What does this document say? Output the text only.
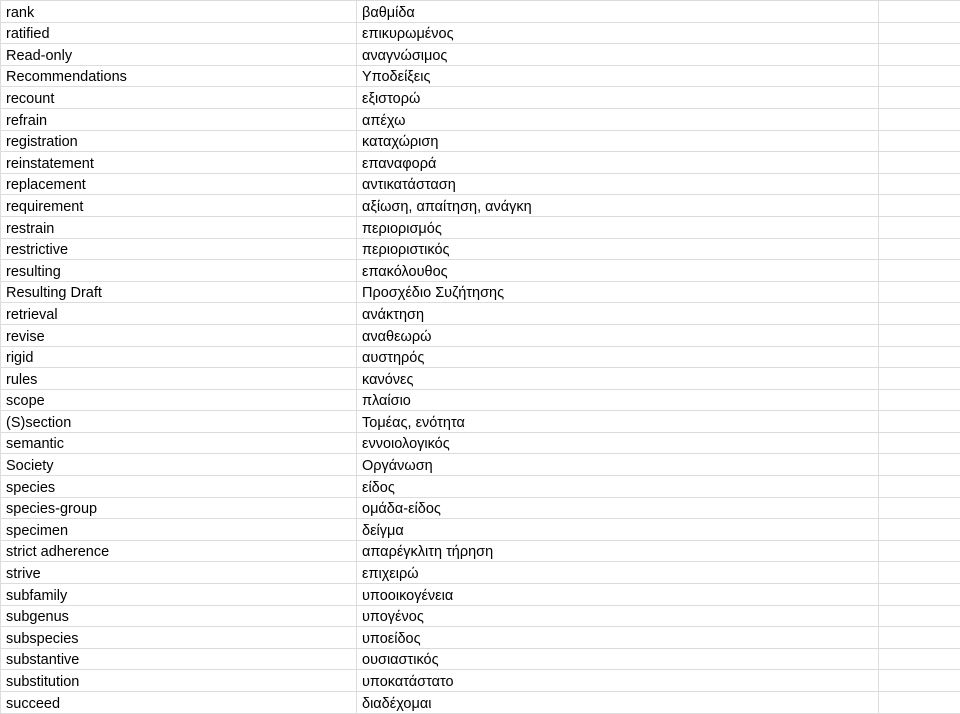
rank	βαθμίδα	
ratified	επικυρωμένος	
Read-only	αναγνώσιμος	
Recommendations	Υποδείξεις	
recount	εξιστορώ	
refrain	απέχω	
registration	καταχώριση	
reinstatement	επαναφορά	
replacement	αντικατάσταση	
requirement	αξίωση, απαίτηση, ανάγκη	
restrain	περιορισμός	
restrictive	περιοριστικός	
resulting	επακόλουθος	
Resulting Draft	Προσχέδιο Συζήτησης	
retrieval	ανάκτηση	
revise	αναθεωρώ	
rigid	αυστηρός	
rules	κανόνες	
scope	πλαίσιο	
(S)section	Τομέας, ενότητα	
semantic	εννοιολογικός	
Society	Οργάνωση	
species	είδος	
species-group	ομάδα-είδος	
specimen	δείγμα	
strict adherence	απαρέγκλιτη τήρηση	
strive	επιχειρώ	
subfamily	υποοικογένεια	
subgenus	υπογένος	
subspecies	υποείδος	
substantive	ουσιαστικός	
substitution	υποκατάστατο	
succeed	διαδέχομαι	
